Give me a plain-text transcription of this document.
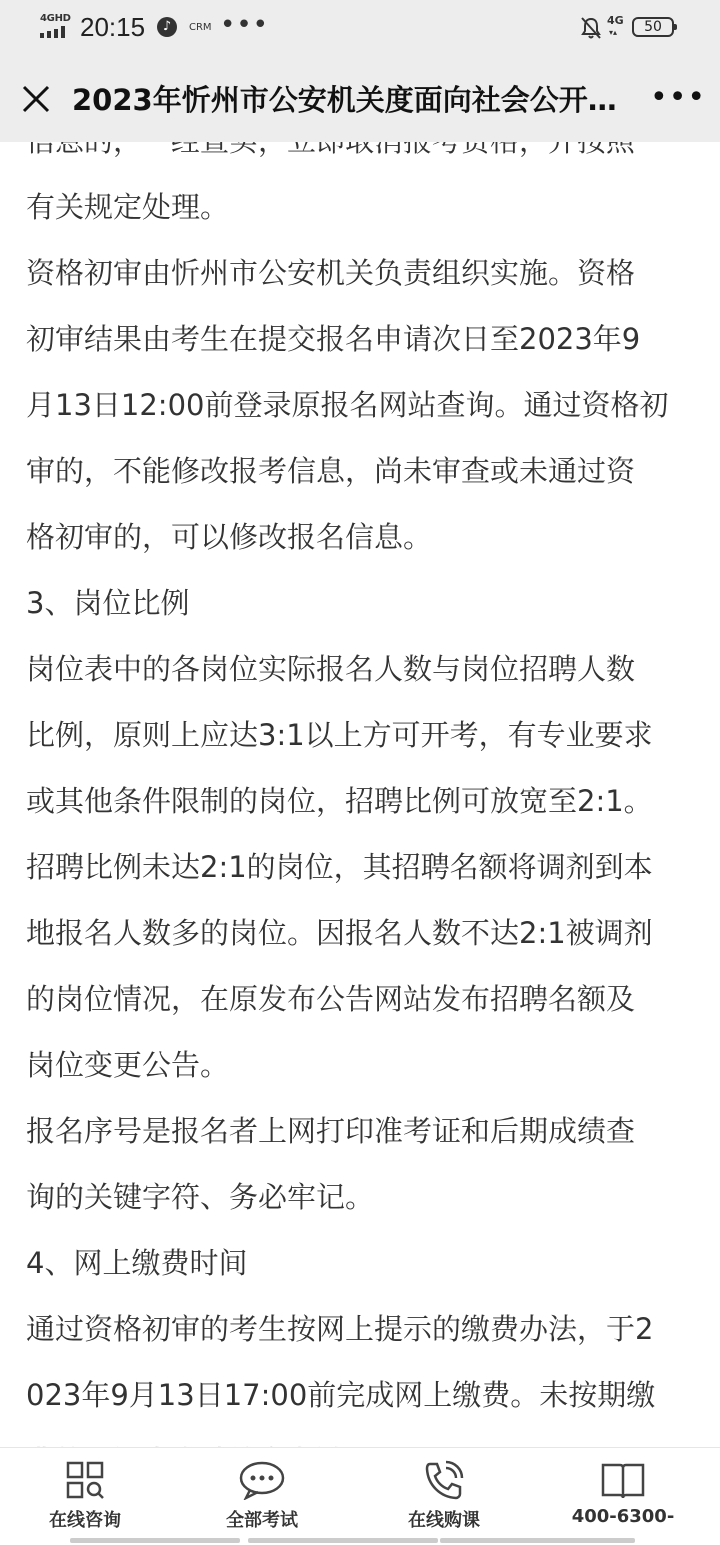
4GHD 20:15	♪	CRM •••	4G
▾▴	50
2023年忻州市公安机关度面向社会公开…	•••

有关规定处理。

资格初审由忻州市公安机关负责组织实施。资格

初审结果由考生在提交报名申请次日至2023年9

月13日12:00前登录原报名网站查询。通过资格初

审的，不能修改报考信息，尚未审查或未通过资

格初审的，可以修改报名信息。

3、岗位比例

岗位表中的各岗位实际报名人数与岗位招聘人数

比例，原则上应达3:1以上方可开考，有专业要求

或其他条件限制的岗位，招聘比例可放宽至2:1。

招聘比例未达2:1的岗位，其招聘名额将调剂到本

地报名人数多的岗位。因报名人数不达2:1被调剂

的岗位情况，在原发布公告网站发布招聘名额及

岗位变更公告。

报名序号是报名者上网打印准考证和后期成绩查

询的关键字符、务必牢记。

4、网上缴费时间

通过资格初审的考生按网上提示的缴费办法，于2

023年9月13日17:00前完成网上缴费。未按期缴

在线咨询	全部考试	在线购课	400-6300-
